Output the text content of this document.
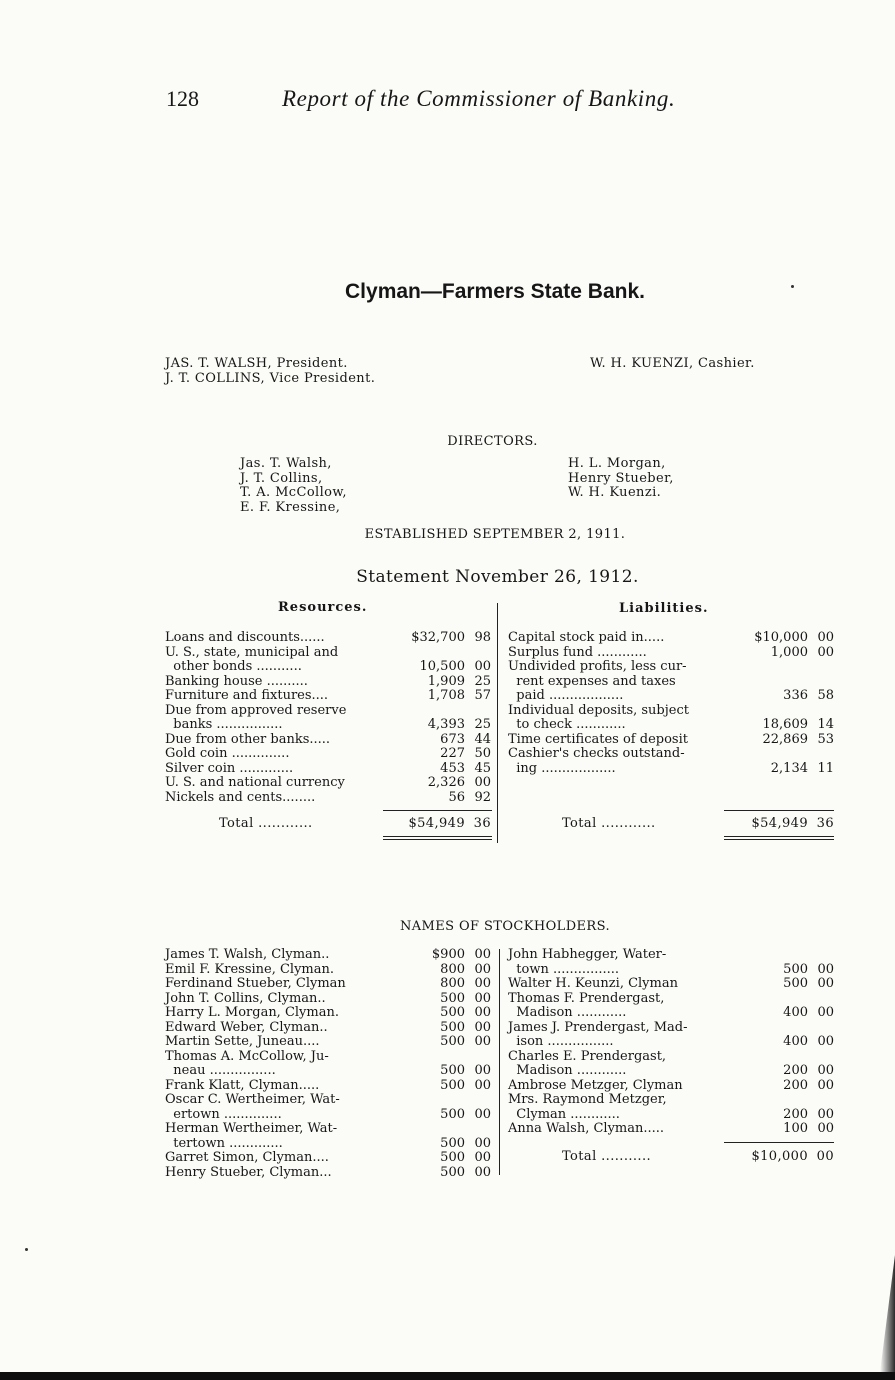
128	Report of the Commissioner of Banking.
Clyman—Farmers State Bank.
JAS. T. WALSH, President.
J. T. COLLINS, Vice President.
W. H. KUENZI, Cashier.
DIRECTORS.
Jas. T. Walsh,
J. T. Collins,
T. A. McCollow,
E. F. Kressine,
H. L. Morgan,
Henry Stueber,
W. H. Kuenzi.
ESTABLISHED SEPTEMBER 2, 1911.
Statement November 26, 1912.
Resources.	Liabilities.
Loans and discounts......	$32,700	98
U. S., state, municipal and		
other bonds ...........	10,500	00
Banking house ..........	1,909	25
Furniture and fixtures....	1,708	57
Due from approved reserve		
banks ................	4,393	25
Due from other banks.....	673	44
Gold coin ..............	227	50
Silver coin .............	453	45
U. S. and national currency	2,326	00
Nickels and cents........	56	92
Total ............	$54,949 36
Capital stock paid in.....	$10,000	00
Surplus fund ............	1,000	00
Undivided profits, less cur-		
rent expenses and taxes		
paid ..................	336	58
Individual deposits, subject		
to check ............	18,609	14
Time certificates of deposit	22,869	53
Cashier's checks outstand-		
ing ..................	2,134	11
Total ............	$54,949 36
NAMES OF STOCKHOLDERS.
James T. Walsh, Clyman..	$900	00
Emil F. Kressine, Clyman.	800	00
Ferdinand Stueber, Clyman	800	00
John T. Collins, Clyman..	500	00
Harry L. Morgan, Clyman.	500	00
Edward Weber, Clyman..	500	00
Martin Sette, Juneau....	500	00
Thomas A. McCollow, Ju-		
neau ................	500	00
Frank Klatt, Clyman.....	500	00
Oscar C. Wertheimer, Wat-		
ertown ..............	500	00
Herman Wertheimer, Wat-		
tertown .............	500	00
Garret Simon, Clyman....	500	00
Henry Stueber, Clyman...	500	00
John Habhegger, Water-		
town ................	500	00
Walter H. Keunzi, Clyman	500	00
Thomas F. Prendergast,		
Madison ............	400	00
James J. Prendergast, Mad-		
ison ................	400	00
Charles E. Prendergast,		
Madison ............	200	00
Ambrose Metzger, Clyman	200	00
Mrs. Raymond Metzger,		
Clyman ............	200	00
Anna Walsh, Clyman.....	100	00
Total ...........	$10,000 00
